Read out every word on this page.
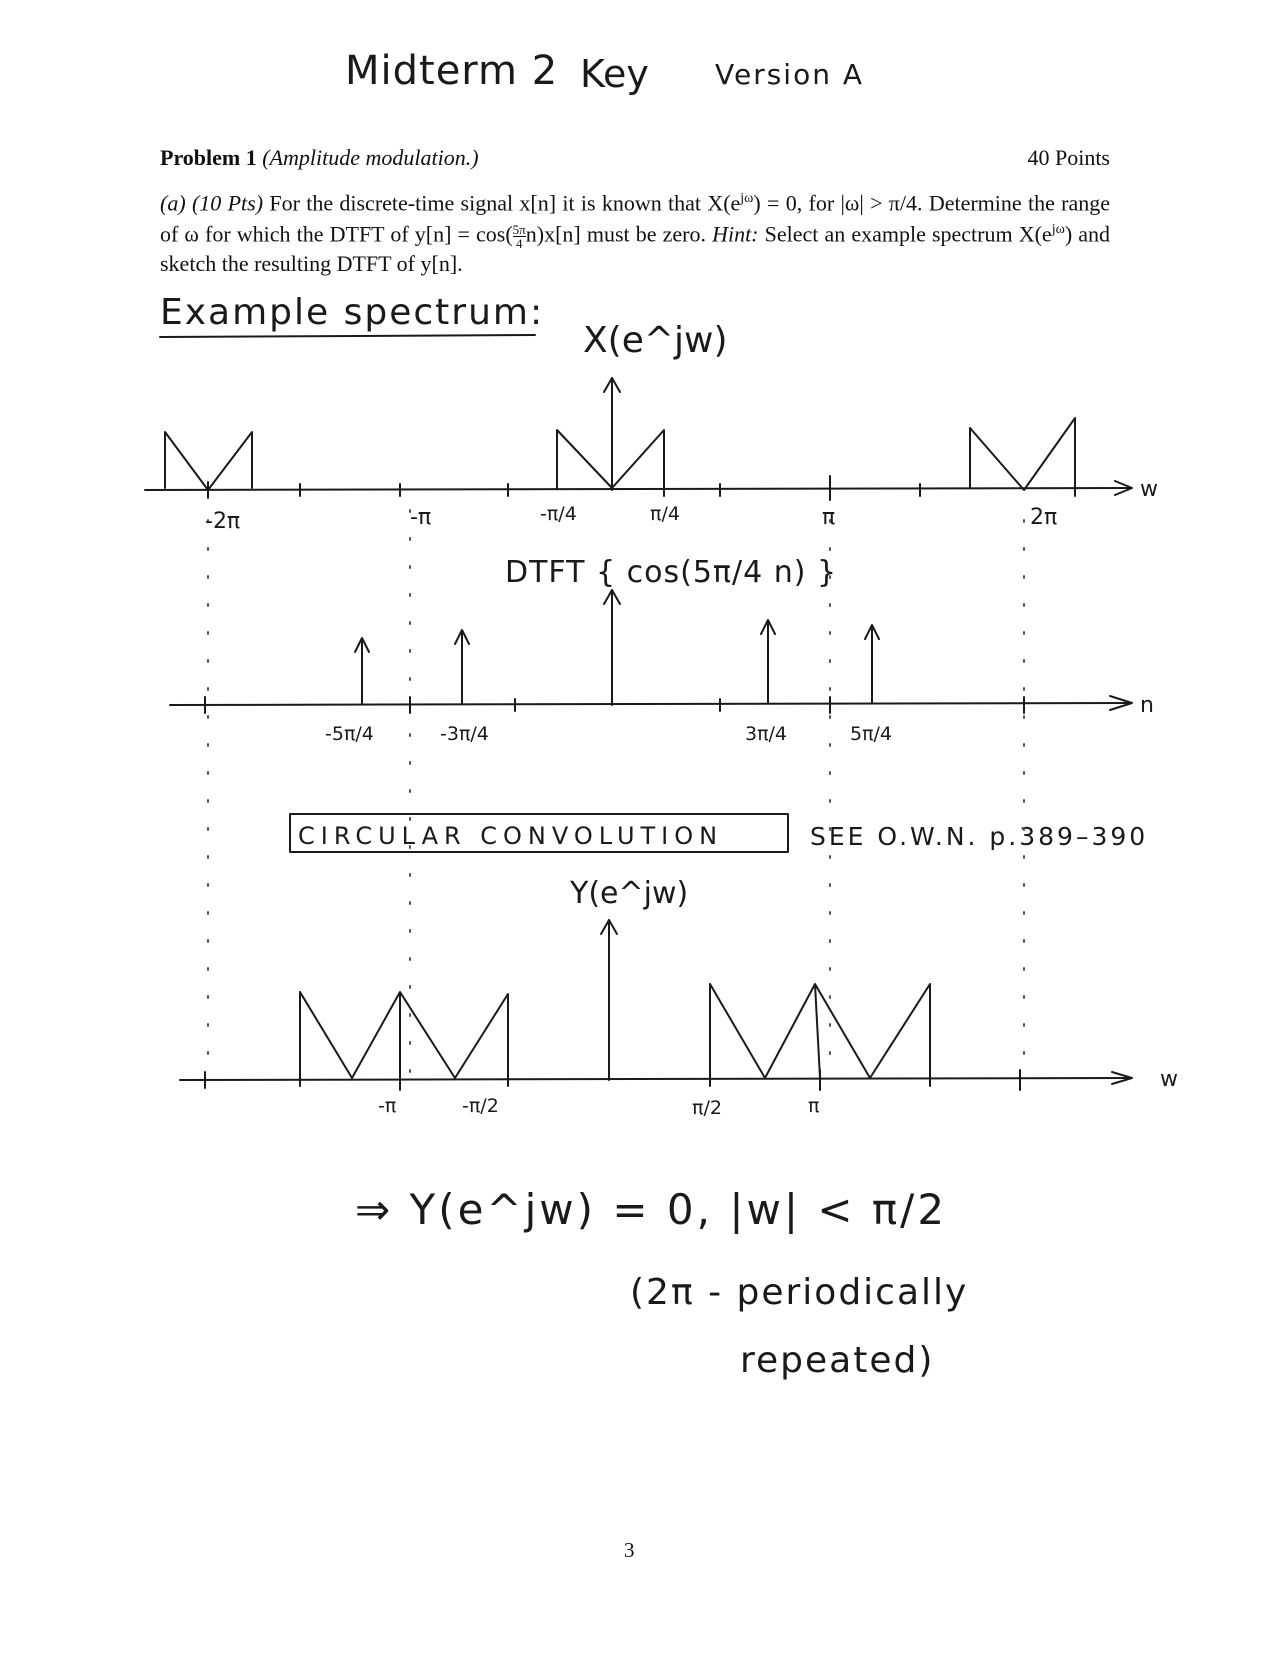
Midterm 2 Key Version A
Problem 1 (Amplitude modulation.)	40 Points
(a) (10 Pts) For the discrete-time signal x[n] it is known that $X(e^{j\omega}) = 0$, for |ω| > π/4. Determine the range of ω for which the DTFT of $y[n] = \cos( \frac{5\pi}{4} n)x[n]$ must be zero. Hint: Select an example spectrum $X(e^{j\omega})$ and sketch the resulting DTFT of y[n].
Example spectrum:
X(e^jw)
DTFT { cos(5π/4 n) }
CIRCULAR CONVOLUTION	SEE O.W.N. p.389–390
Y(e^jw)
⇒ Y(e^jw) = 0, |w| < π/2
(2π - periodically
repeated)
-2π	-π	-π/4	π/4	π	2π
w
-5π/4	-3π/4	3π/4	5π/4
n
-π	-π/2	π/2	π
w
3
